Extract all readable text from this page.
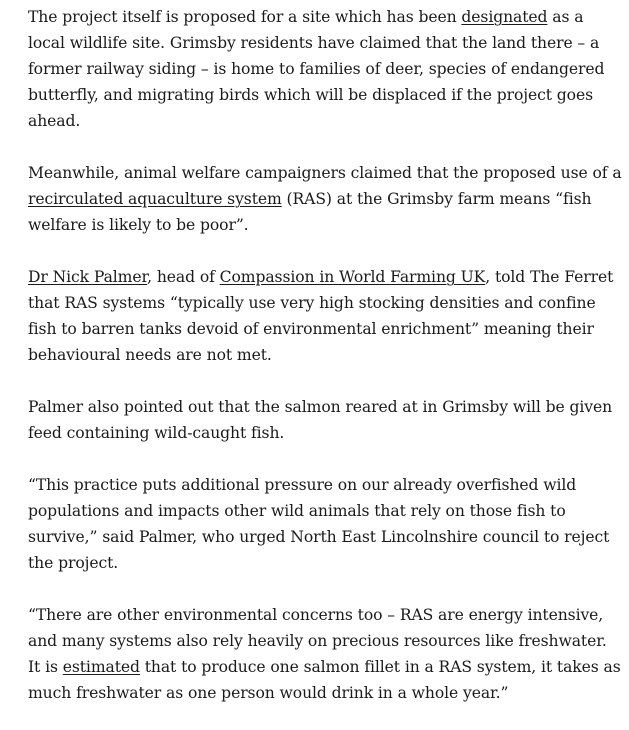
The project itself is proposed for a site which has been designated as a local wildlife site. Grimsby residents have claimed that the land there – a former railway siding – is home to families of deer, species of endangered butterfly, and migrating birds which will be displaced if the project goes ahead.

Meanwhile, animal welfare campaigners claimed that the proposed use of a recirculated aquaculture system (RAS) at the Grimsby farm means “fish welfare is likely to be poor”.

Dr Nick Palmer, head of Compassion in World Farming UK, told The Ferret that RAS systems “typically use very high stocking densities and confine fish to barren tanks devoid of environmental enrichment” meaning their behavioural needs are not met.

Palmer also pointed out that the salmon reared at in Grimsby will be given feed containing wild-caught fish.

“This practice puts additional pressure on our already overfished wild populations and impacts other wild animals that rely on those fish to survive,” said Palmer, who urged North East Lincolnshire council to reject the project.

“There are other environmental concerns too – RAS are energy intensive, and many systems also rely heavily on precious resources like freshwater. It is estimated that to produce one salmon fillet in a RAS system, it takes as much freshwater as one person would drink in a whole year.”
